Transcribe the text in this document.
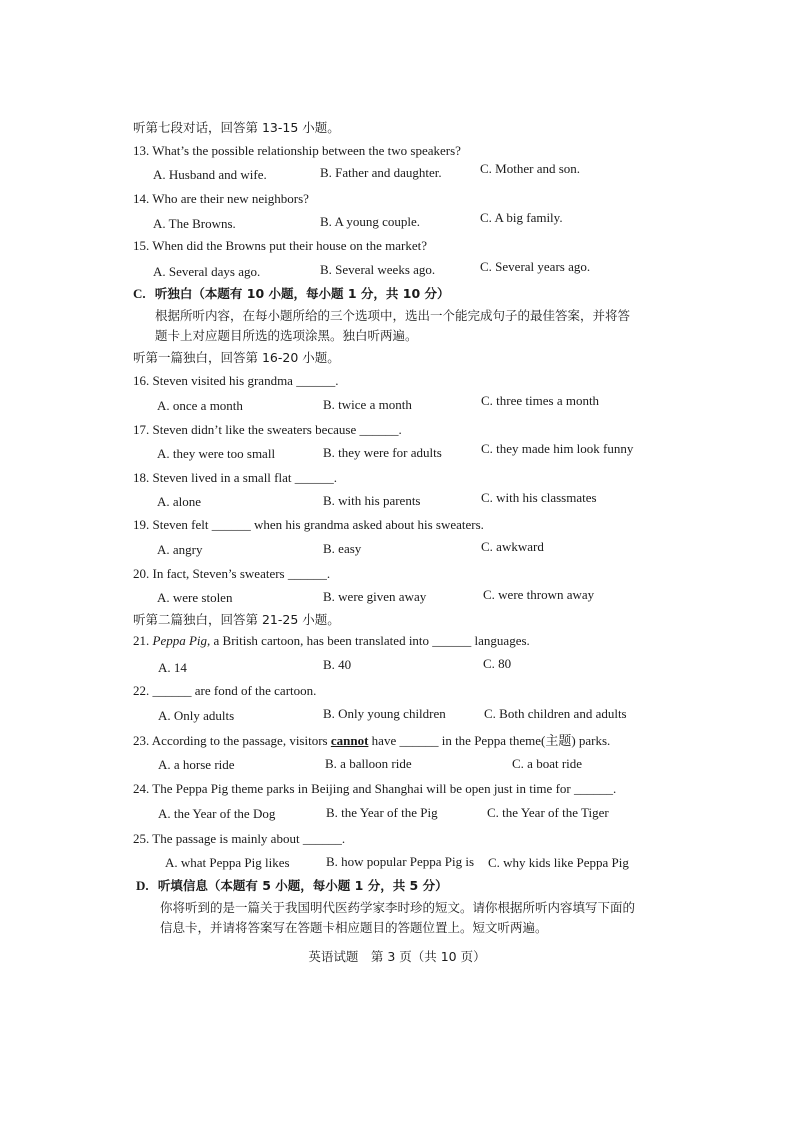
听第七段对话，回答第 13-15 小题。
13. What’s the possible relationship between the two speakers?
A. Husband and wife.	B. Father and daughter.	C. Mother and son.
14. Who are their new neighbors?
A. The Browns.	B. A young couple.	C. A big family.
15. When did the Browns put their house on the market?
A. Several days ago.	B. Several weeks ago.	C. Several years ago.
C. 听独白（本题有 10 小题，每小题 1 分，共 10 分）
根据所听内容，在每小题所给的三个选项中，选出一个能完成句子的最佳答案，并将答
题卡上对应题目所选的选项涂黑。独白听两遍。
听第一篇独白，回答第 16-20 小题。
16. Steven visited his grandma ______.
A. once a month	B. twice a month	C. three times a month
17. Steven didn’t like the sweaters because ______.
A. they were too small	B. they were for adults	C. they made him look funny
18. Steven lived in a small flat ______.
A. alone	B. with his parents	C. with his classmates
19. Steven felt ______ when his grandma asked about his sweaters.
A. angry	B. easy	C. awkward
20. In fact, Steven’s sweaters ______.
A. were stolen	B. were given away	C. were thrown away
听第二篇独白，回答第 21-25 小题。
21. Peppa Pig, a British cartoon, has been translated into ______ languages.
A. 14	B. 40	C. 80
22. ______ are fond of the cartoon.
A. Only adults	B. Only young children	C. Both children and adults
23. According to the passage, visitors cannot have ______ in the Peppa theme(主题) parks.
A. a horse ride	B. a balloon ride	C. a boat ride
24. The Peppa Pig theme parks in Beijing and Shanghai will be open just in time for ______.
A. the Year of the Dog	B. the Year of the Pig	C. the Year of the Tiger
25. The passage is mainly about ______.
A. what Peppa Pig likes	B. how popular Peppa Pig is C. why kids like Peppa Pig
D. 听填信息（本题有 5 小题，每小题 1 分，共 5 分）
你将听到的是一篇关于我国明代医药学家李时珍的短文。请你根据所听内容填写下面的
信息卡，并请将答案写在答题卡相应题目的答题位置上。短文听两遍。
英语试题　第 3 页（共 10 页）
